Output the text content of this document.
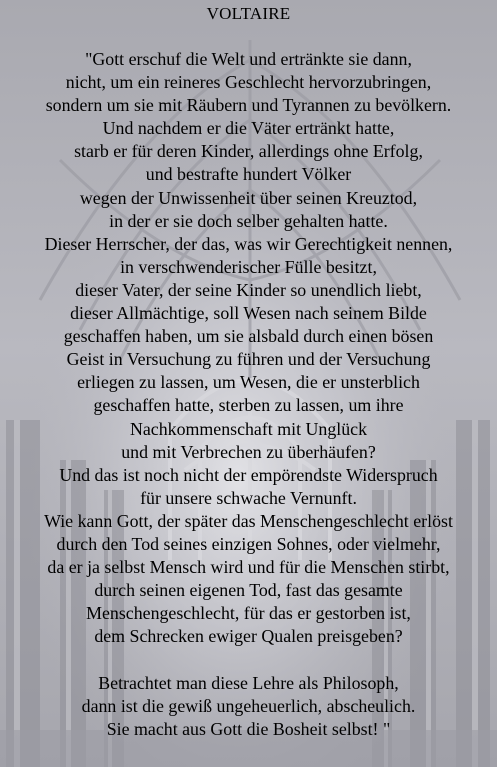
VOLTAIRE
"Gott erschuf die Welt und ertränkte sie dann,
nicht, um ein reineres Geschlecht hervorzubringen,
sondern um sie mit Räubern und Tyrannen zu bevölkern.
Und nachdem er die Väter ertränkt hatte,
starb er für deren Kinder, allerdings ohne Erfolg,
und bestrafte hundert Völker
wegen der Unwissenheit über seinen Kreuztod,
in der er sie doch selber gehalten hatte.
Dieser Herrscher, der das, was wir Gerechtigkeit nennen,
in verschwenderischer Fülle besitzt,
dieser Vater, der seine Kinder so unendlich liebt,
dieser Allmächtige, soll Wesen nach seinem Bilde
geschaffen haben, um sie alsbald durch einen bösen
Geist in Versuchung zu führen und der Versuchung
erliegen zu lassen, um Wesen, die er unsterblich
geschaffen hatte, sterben zu lassen, um ihre
Nachkommenschaft mit Unglück
und mit Verbrechen zu überhäufen?
Und das ist noch nicht der empörendste Widerspruch
für unsere schwache Vernunft.
Wie kann Gott, der später das Menschengeschlecht erlöst
durch den Tod seines einzigen Sohnes, oder vielmehr,
da er ja selbst Mensch wird und für die Menschen stirbt,
durch seinen eigenen Tod, fast das gesamte
Menschengeschlecht, für das er gestorben ist,
dem Schrecken ewiger Qualen preisgeben?
Betrachtet man diese Lehre als Philosoph,
dann ist die gewiß ungeheuerlich, abscheulich.
Sie macht aus Gott die Bosheit selbst! "
